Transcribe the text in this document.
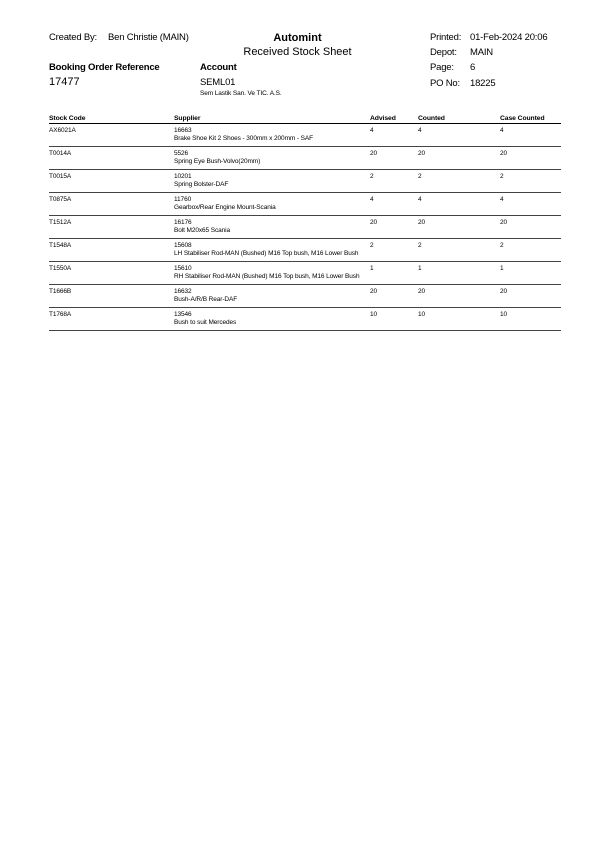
Created By: Ben Christie (MAIN)	Automint
Received Stock Sheet
Printed: 01-Feb-2024 20:06
Depot: MAIN
Page: 6
PO No: 18225
Booking Order Reference
17477
Account
SEML01
Sem Lastik San. Ve TIC. A.S.
Stock Code	Supplier	Advised	Counted	Case Counted
AX6021A	16663
Brake Shoe Kit 2 Shoes - 300mm x 200mm - SAF	4	4	4
T0014A	5526
Spring Eye Bush-Volvo(20mm)	20	20	20
T0015A	10201
Spring Bolster-DAF	2	2	2
T0875A	11760
Gearbox/Rear Engine Mount-Scania	4	4	4
T1512A	16176
Bolt M20x65 Scania	20	20	20
T1548A	15608
LH Stabiliser Rod-MAN (Bushed) M16 Top bush, M16 Lower Bush	2	2	2
T1550A	15610
RH Stabiliser Rod-MAN (Bushed) M16 Top bush, M16 Lower Bush	1	1	1
T1666B	16632
Bush-A/R/B Rear-DAF	20	20	20
T1768A	13546
Bush to suit Mercedes	10	10	10
